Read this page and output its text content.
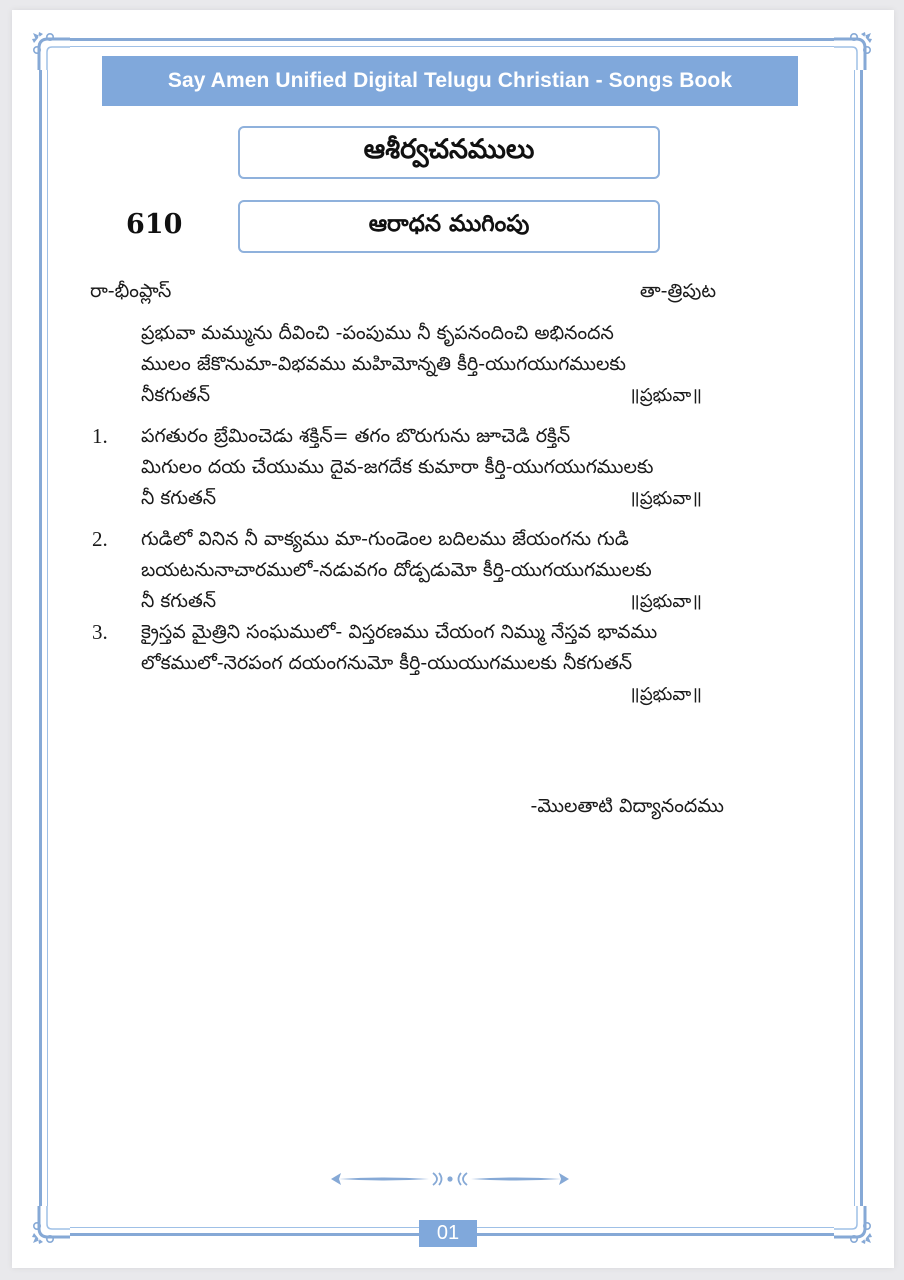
Say Amen Unified Digital Telugu Christian - Songs Book
ఆశీర్వచనములు
610	ఆరాధన ముగింపు
రా-భీంప్లాస్	తా-త్రిపుట
ప్రభువా మమ్మును దీవించి -పంపుము నీ కృపనందించి అభినందన
ములం జేకొనుమా-విభవము మహిమోన్నతి కీర్తి-యుగయుగములకు
నీకగుతన్	॥ప్రభువా॥
1. పగతురం బ్రేమించెడు శక్తిన్= తగం బొరుగును జూచెడి రక్తిన్
మిగులం దయ చేయుము దైవ-జగదేక కుమారా కీర్తి-యుగయుగములకు
నీ కగుతన్	॥ప్రభువా॥
2. గుడిలో వినిన నీ వాక్యము మా-గుండెంల బదిలము జేయంగను గుడి
బయటనునాచారములో-నడువగం దోడ్పడుమో కీర్తి-యుగయుగములకు
నీ కగుతన్	॥ప్రభువా॥
3. క్రైస్తవ మైత్రిని సంఘములో- విస్తరణము చేయంగ నిమ్ము నేస్తవ భావము
లోకములో-నెరపంగ దయంగనుమో కీర్తి-యుయుగములకు నీకగుతన్
॥ప్రభువా॥
-మొలతాటి విద్యానందము
01
